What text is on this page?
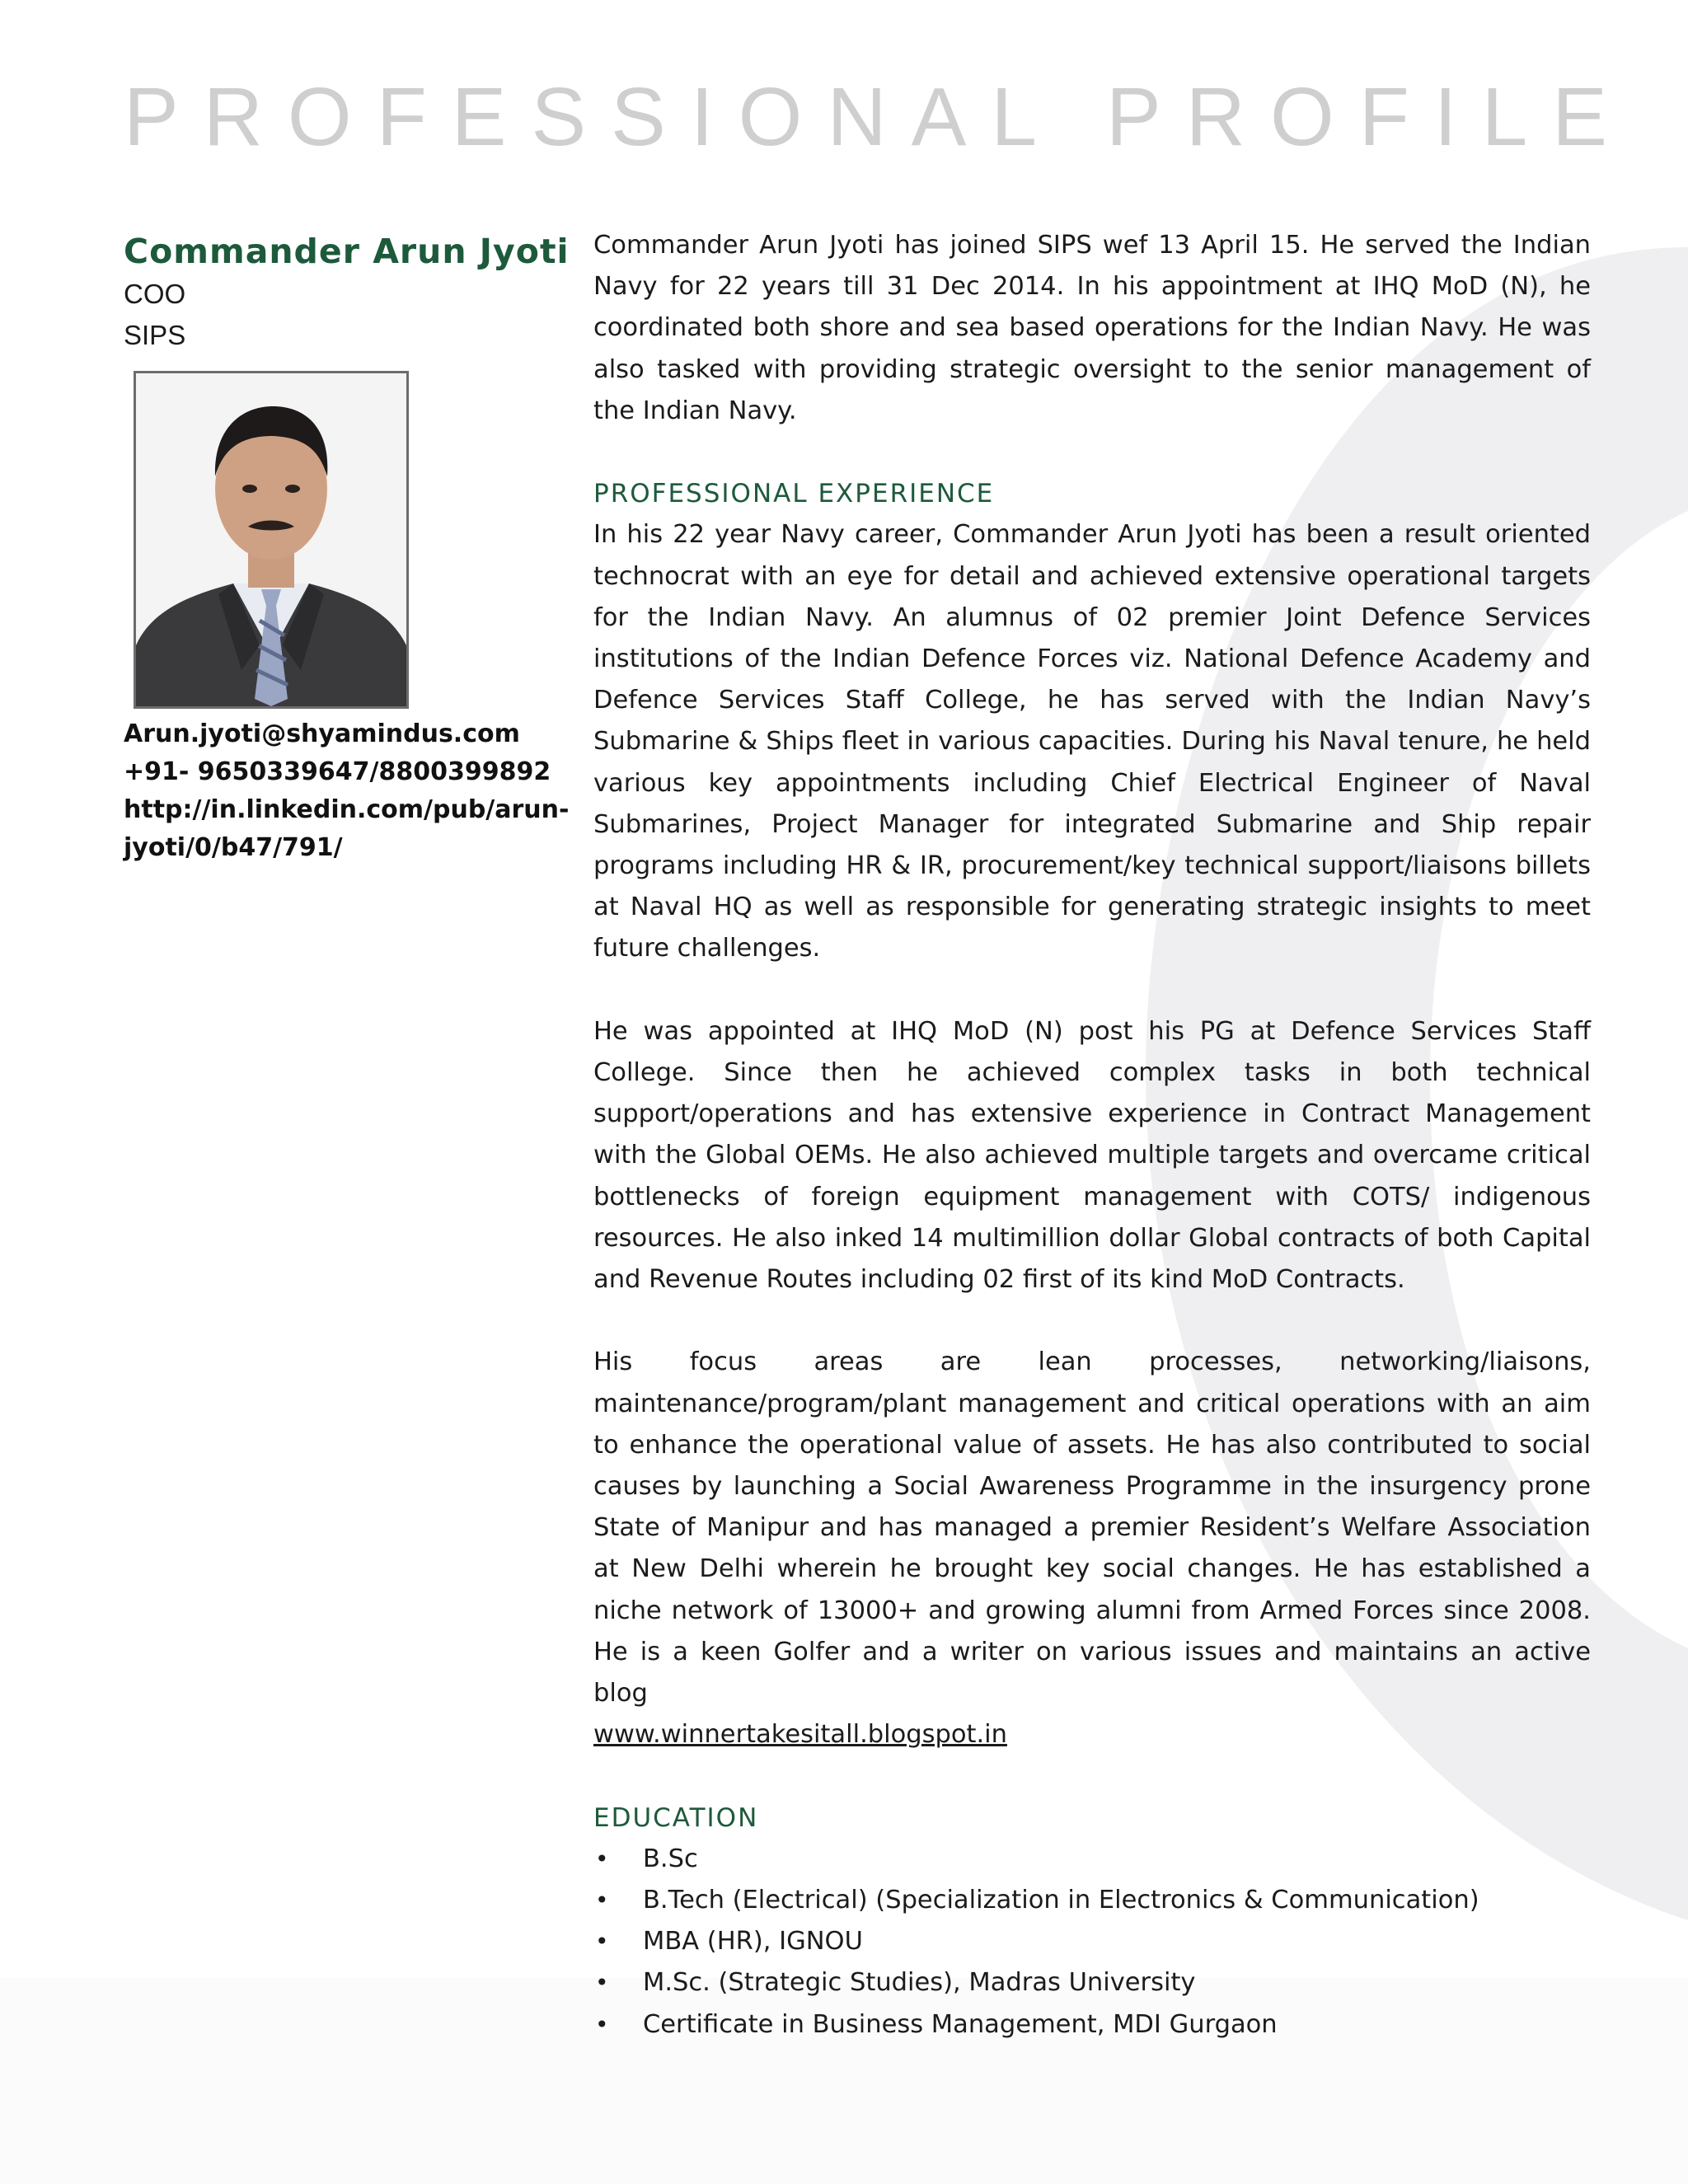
PROFESSIONAL PROFILE
Commander Arun Jyoti
COO
SIPS
Arun.jyoti@shyamindus.com
+91- 9650339647/8800399892
http://in.linkedin.com/pub/arun-
jyoti/0/b47/791/

Commander Arun Jyoti has joined SIPS wef 13 April 15. He served the Indian Navy for 22 years till 31 Dec 2014. In his appointment at IHQ MoD (N), he coordinated both shore and sea based operations for the Indian Navy. He was also tasked with providing strategic oversight to the senior management of the Indian Navy.

PROFESSIONAL EXPERIENCE

In his 22 year Navy career, Commander Arun Jyoti has been a result oriented technocrat with an eye for detail and achieved extensive operational targets for the Indian Navy. An alumnus of 02 premier Joint Defence Services institutions of the Indian Defence Forces viz. National Defence Academy and Defence Services Staff College, he has served with the Indian Navy’s Submarine & Ships fleet in various capacities. During his Naval tenure, he held various key appointments including Chief Electrical Engineer of Naval Submarines, Project Manager for integrated Submarine and Ship repair programs including HR & IR, procurement/key technical support/liaisons billets at Naval HQ as well as responsible for generating strategic insights to meet future challenges.

He was appointed at IHQ MoD (N) post his PG at Defence Services Staff College. Since then he achieved complex tasks in both technical support/operations and has extensive experience in Contract Management with the Global OEMs. He also achieved multiple targets and overcame critical bottlenecks of foreign equipment management with COTS/ indigenous resources. He also inked 14 multimillion dollar Global contracts of both Capital and Revenue Routes including 02 first of its kind MoD Contracts.

His focus areas are lean processes, networking/liaisons, maintenance/program/plant management and critical operations with an aim to enhance the operational value of assets. He has also contributed to social causes by launching a Social Awareness Programme in the insurgency prone State of Manipur and has managed a premier Resident’s Welfare Association at New Delhi wherein he brought key social changes. He has established a niche network of 13000+ and growing alumni from Armed Forces since 2008. He is a keen Golfer and a writer on various issues and maintains an active blog

www.winnertakesitall.blogspot.in
EDUCATION
• B.Sc
• B.Tech (Electrical) (Specialization in Electronics & Communication)
• MBA (HR), IGNOU
• M.Sc. (Strategic Studies), Madras University
• Certificate in Business Management, MDI Gurgaon
